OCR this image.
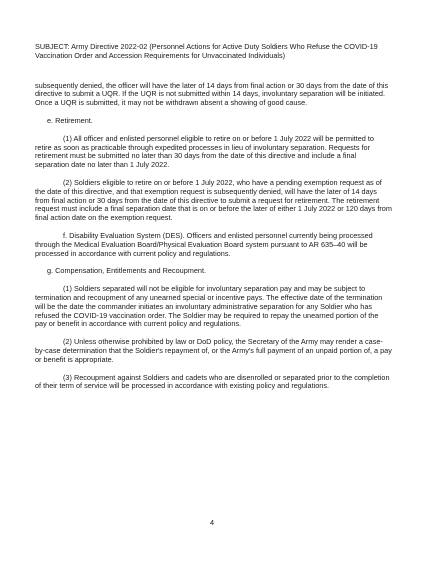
SUBJECT: Army Directive 2022-02 (Personnel Actions for Active Duty Soldiers Who Refuse the COVID-19 Vaccination Order and Accession Requirements for Unvaccinated Individuals)

subsequently denied, the officer will have the later of 14 days from final action or 30 days from the date of this directive to submit a UQR. If the UQR is not submitted within 14 days, involuntary separation will be initiated. Once a UQR is submitted, it may not be withdrawn absent a showing of good cause.

e. Retirement.

(1) All officer and enlisted personnel eligible to retire on or before 1 July 2022 will be permitted to retire as soon as practicable through expedited processes in lieu of involuntary separation. Requests for retirement must be submitted no later than 30 days from the date of this directive and include a final separation date no later than 1 July 2022.

(2) Soldiers eligible to retire on or before 1 July 2022, who have a pending exemption request as of the date of this directive, and that exemption request is subsequently denied, will have the later of 14 days from final action or 30 days from the date of this directive to submit a request for retirement. The retirement request must include a final separation date that is on or before the later of either 1 July 2022 or 120 days from final action date on the exemption request.

f. Disability Evaluation System (DES). Officers and enlisted personnel currently being processed through the Medical Evaluation Board/Physical Evaluation Board system pursuant to AR 635–40 will be processed in accordance with current policy and regulations.

g. Compensation, Entitlements and Recoupment.

(1) Soldiers separated will not be eligible for involuntary separation pay and may be subject to termination and recoupment of any unearned special or incentive pays. The effective date of the termination will be the date the commander initiates an involuntary administrative separation for any Soldier who has refused the COVID-19 vaccination order. The Soldier may be required to repay the unearned portion of the pay or benefit in accordance with current policy and regulations.

(2) Unless otherwise prohibited by law or DoD policy, the Secretary of the Army may render a case-by-case determination that the Soldier's repayment of, or the Army's full payment of an unpaid portion of, a pay or benefit is appropriate.

(3) Recoupment against Soldiers and cadets who are disenrolled or separated prior to the completion of their term of service will be processed in accordance with existing policy and regulations.

4
